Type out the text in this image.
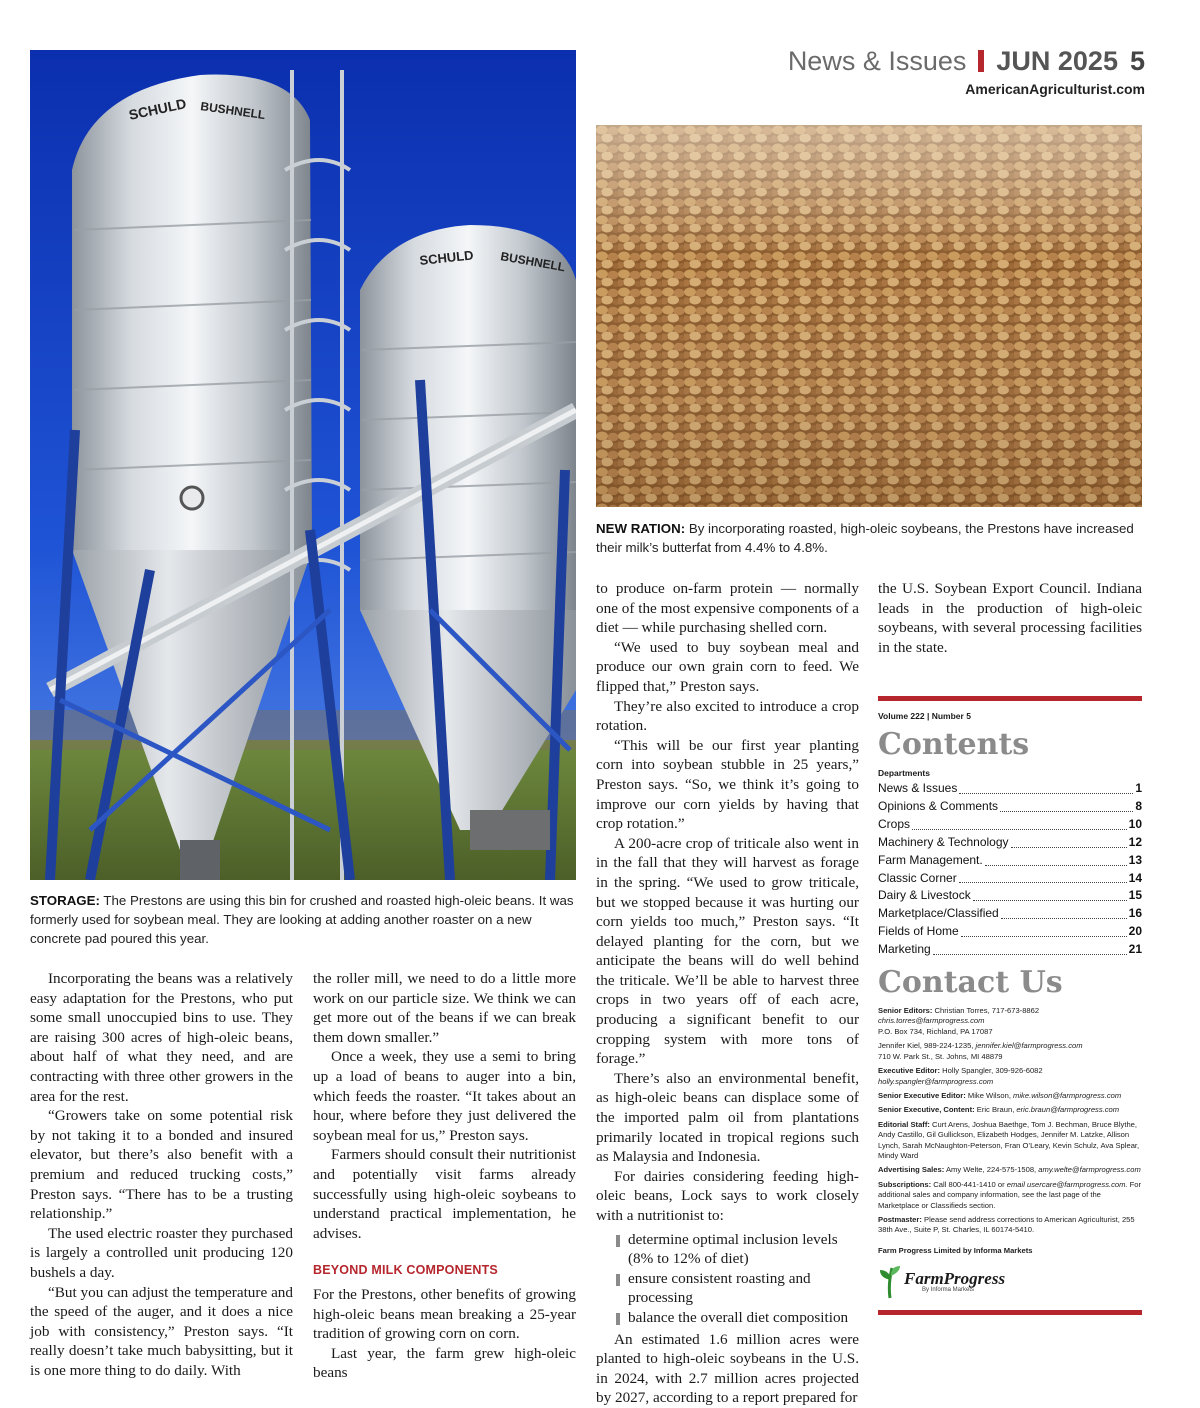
News & Issues JUN 2025 5
AmericanAgriculturist.com
SCHULD BUSHNELL
SCHULD BUSHNELL
STORAGE: The Prestons are using this bin for crushed and roasted high-oleic beans. It was formerly used for soybean meal. They are looking at adding another roaster on a new concrete pad poured this year.
NEW RATION: By incorporating roasted, high-oleic soybeans, the Prestons have increased their milk’s butterfat from 4.4% to 4.8%.

Incorporating the beans was a relatively easy adaptation for the Prestons, who put some small unoccupied bins to use. They are raising 300 acres of high-oleic beans, about half of what they need, and are contracting with three other growers in the area for the rest.

“Growers take on some potential risk by not taking it to a bonded and insured elevator, but there’s also benefit with a premium and reduced trucking costs,” Preston says. “There has to be a trusting relationship.”

The used electric roaster they purchased is largely a controlled unit producing 120 bushels a day.

“But you can adjust the temperature and the speed of the auger, and it does a nice job with consistency,” Preston says. “It really doesn’t take much babysitting, but it is one more thing to do daily. With

the roller mill, we need to do a little more work on our particle size. We think we can get more out of the beans if we can break them down smaller.”

Once a week, they use a semi to bring up a load of beans to auger into a bin, which feeds the roaster. “It takes about an hour, where before they just delivered the soybean meal for us,” Preston says.

Farmers should consult their nutritionist and potentially visit farms already successfully using high-oleic soybeans to understand practical implementation, he advises.

BEYOND MILK COMPONENTS

For the Prestons, other benefits of growing high-oleic beans mean breaking a 25-year tradition of growing corn on corn.

Last year, the farm grew high-oleic beans

to produce on-farm protein — normally one of the most expensive components of a diet — while purchasing shelled corn.

“We used to buy soybean meal and produce our own grain corn to feed. We flipped that,” Preston says.

They’re also excited to introduce a crop rotation.

“This will be our first year planting corn into soybean stubble in 25 years,” Preston says. “So, we think it’s going to improve our corn yields by having that crop rotation.”

A 200-acre crop of triticale also went in in the fall that they will harvest as forage in the spring. “We used to grow triticale, but we stopped because it was hurting our corn yields too much,” Preston says. “It delayed planting for the corn, but we anticipate the beans will do well behind the triticale. We’ll be able to harvest three crops in two years off of each acre, producing a significant benefit to our cropping system with more tons of forage.”

There’s also an environmental benefit, as high-oleic beans can displace some of the imported palm oil from plantations primarily located in tropical regions such as Malaysia and Indonesia.

For dairies considering feeding high-oleic beans, Lock says to work closely with a nutritionist to:

determine optimal inclusion levels (8% to 12% of diet)
ensure consistent roasting and processing
balance the overall diet composition

An estimated 1.6 million acres were planted to high-oleic soybeans in the U.S. in 2024, with 2.7 million acres projected by 2027, according to a report prepared for

the U.S. Soybean Export Council. Indiana leads in the production of high-oleic soybeans, with several processing facilities in the state.

Volume 222 | Number 5
Contents
Departments
News & Issues	1
Opinions & Comments	8
Crops	10
Machinery & Technology	12
Farm Management.	13
Classic Corner	14
Dairy & Livestock	15
Marketplace/Classified	16
Fields of Home	20
Marketing	21
Contact Us

Senior Editors: Christian Torres, 717-673-8862
chris.torres@farmprogress.com
P.O. Box 734, Richland, PA 17087

Jennifer Kiel, 989-224-1235, jennifer.kiel@farmprogress.com
710 W. Park St., St. Johns, MI 48879

Executive Editor: Holly Spangler, 309-926-6082
holly.spangler@farmprogress.com

Senior Executive Editor: Mike Wilson, mike.wilson@farmprogress.com

Senior Executive, Content: Eric Braun, eric.braun@farmprogress.com

Editorial Staff: Curt Arens, Joshua Baethge, Tom J. Bechman, Bruce Blythe, Andy Castillo, Gil Gullickson, Elizabeth Hodges, Jennifer M. Latzke, Allison Lynch, Sarah McNaughton-Peterson, Fran O’Leary, Kevin Schulz, Ava Splear, Mindy Ward

Advertising Sales: Amy Welte, 224-575-1508, amy.welte@farmprogress.com

Subscriptions: Call 800-441-1410 or email usercare@farmprogress.com. For additional sales and company information, see the last page of the Marketplace or Classifieds section.

Postmaster: Please send address corrections to American Agriculturist, 255 38th Ave., Suite P, St. Charles, IL 60174-5410.

Farm Progress Limited by Informa Markets

FarmProgress
By Informa Markets
